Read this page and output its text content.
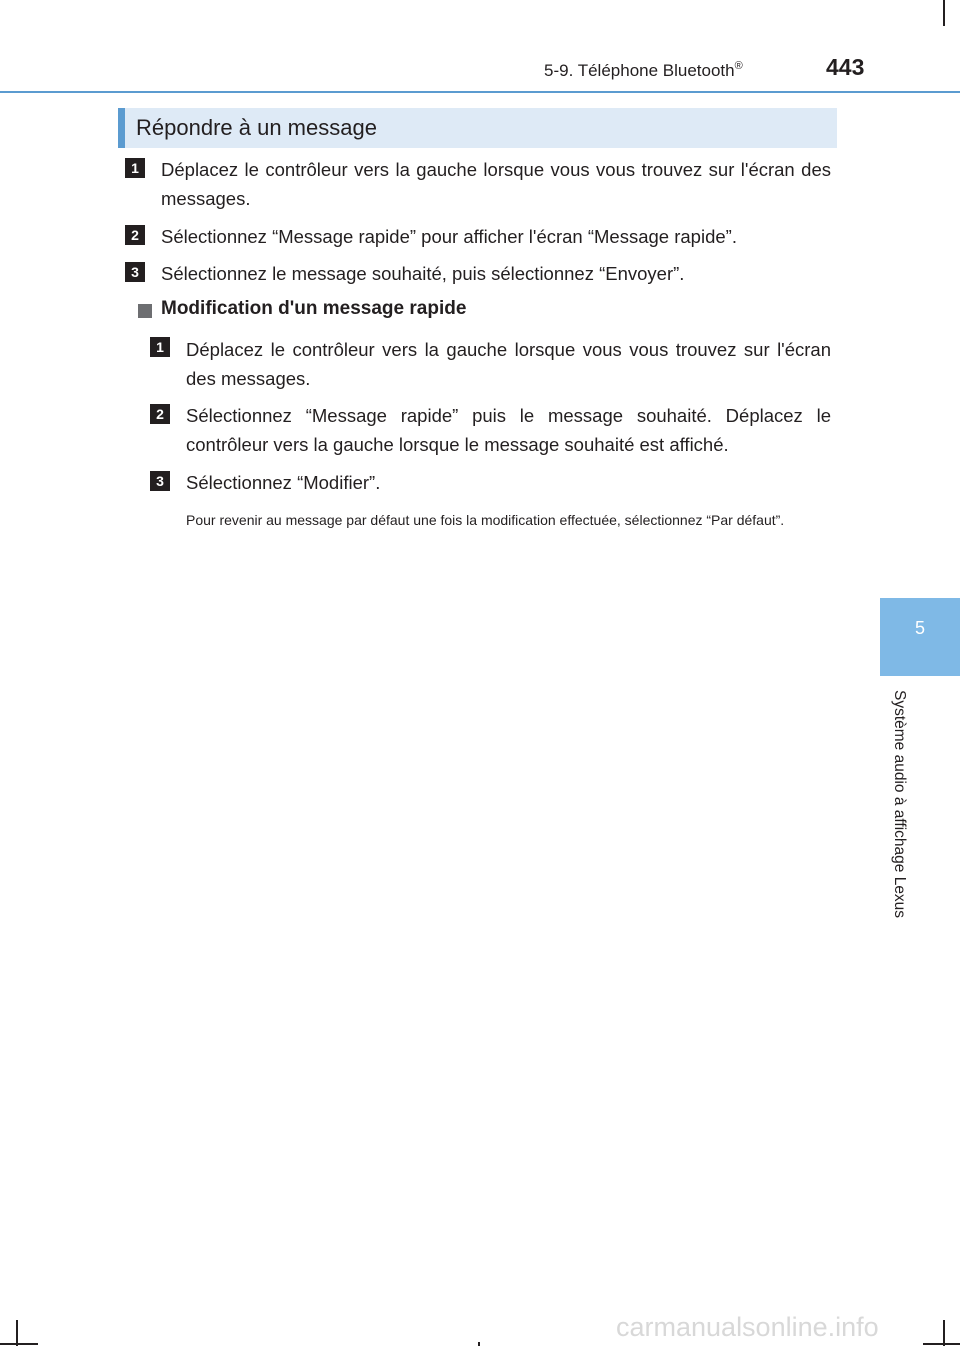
5-9. Téléphone Bluetooth®	443
5
Système audio à affichage Lexus
Répondre à un message
1	Déplacez le contrôleur vers la gauche lorsque vous vous trouvez sur l'écran des messages.
2	Sélectionnez “Message rapide” pour afficher l'écran “Message rapide”.
3	Sélectionnez le message souhaité, puis sélectionnez “Envoyer”.
Modification d'un message rapide
1	Déplacez le contrôleur vers la gauche lorsque vous vous trouvez sur l'écran des messages.
2	Sélectionnez “Message rapide” puis le message souhaité. Déplacez le contrôleur vers la gauche lorsque le message souhaité est affiché.
3	Sélectionnez “Modifier”.
Pour revenir au message par défaut une fois la modification effectuée, sélectionnez “Par défaut”.
carmanualsonline.info
